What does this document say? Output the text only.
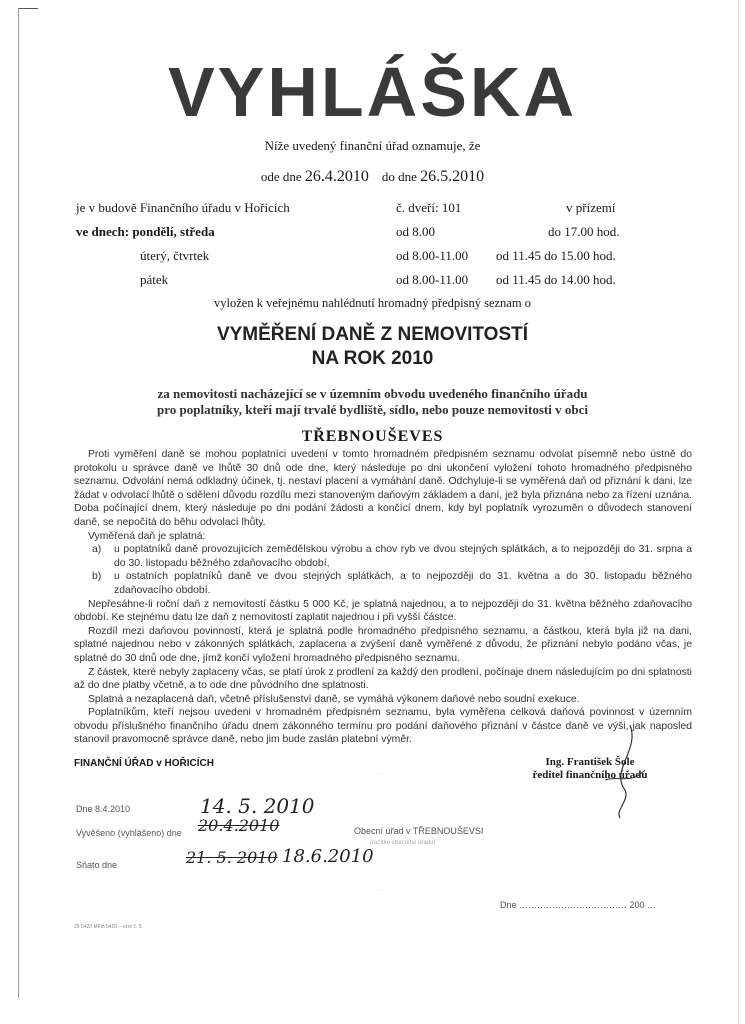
VYHLÁŠKA
Níže uvedený finanční úřad oznamuje, že
ode dne 26.4.2010 do dne 26.5.2010
je v budově Finančního úřadu v Hořicích	č. dveří: 101	v přízemí
ve dnech: pondělí, středa	od 8.00	do 17.00 hod.
úterý, čtvrtek	od 8.00-11.00 od 11.45 do 15.00 hod.
pátek	od 8.00-11.00 od 11.45 do 14.00 hod.
vyložen k veřejnému nahlédnutí hromadný předpisný seznam o
VYMĚŘENÍ DANĚ Z NEMOVITOSTÍ
NA ROK 2010
za nemovitosti nacházející se v územním obvodu uvedeného finančního úřadu
pro poplatníky, kteří mají trvalé bydliště, sídlo, nebo pouze nemovitosti v obci
TŘEBNOUŠEVES

Proti vyměření daně se mohou poplatníci uvedení v tomto hromadném předpisném seznamu odvolat písemně nebo ústně do protokolu u správce daně ve lhůtě 30 dnů ode dne, který následuje po dni ukončení vyložení tohoto hromadného předpisného seznamu. Odvolání nemá odkladný účinek, tj. nestaví placení a vymáhání daně. Odchyluje-li se vyměřená daň od přiznání k dani, lze žádat v odvolací lhůtě o sdělení důvodu rozdílu mezi stanoveným daňovým základem a daní, jež byla přiznána nebo za řízení uznána. Doba počínající dnem, který následuje po dni podání žádosti a končící dnem, kdy byl poplatník vyrozuměn o důvodech stanovení daně, se nepočítá do běhu odvolací lhůty.

Vyměřená daň je splatná:

a)	u poplatníků daně provozujících zemědělskou výrobu a chov ryb ve dvou stejných splátkách, a to nejpozději do 31. srpna a do 30. listopadu běžného zdaňovacího období,
b)	u ostatních poplatníků daně ve dvou stejných splátkách, a to nejpozději do 31. května a do 30. listopadu běžného zdaňovacího období.

Nepřesáhne-li roční daň z nemovitostí částku 5 000 Kč, je splatná najednou, a to nejpozději do 31. května běžného zdaňovacího období. Ke stejnému datu lze daň z nemovitostí zaplatit najednou i při vyšší částce.

Rozdíl mezi daňovou povinností, která je splatná podle hromadného předpisného seznamu, a částkou, která byla již na dani, splatné najednou nebo v zákonných splátkách, zaplacena a zvýšení daně vyměřené z důvodu, že přiznání nebylo podáno včas, je splatné do 30 dnů ode dne, jímž končí vyložení hromadného předpisného seznamu.

Z částek, které nebyly zaplaceny včas, se platí úrok z prodlení za každý den prodlení, počínaje dnem následujícím po dni splatnosti až do dne platby včetně, a to ode dne původního dne splatnosti.

Splatná a nezaplacená daň, včetně příslušenství daně, se vymáhá výkonem daňové nebo soudní exekuce.

Poplatníkům, kteří nejsou uvedeni v hromadném předpisném seznamu, byla vyměřena celková daňová povinnost v územním obvodu příslušného finančního úřadu dnem zákonného termínu pro podání daňového přiznání v částce daně ve výši, jak naposled stanovil pravomocně správce daně, nebo jim bude zaslán platební výměr.

FINANČNÍ ÚŘAD v HOŘICÍCH	Ing. František Šole
ředitel finančního úřadu
· · ·
· · ·
Dne 8.4.2010
Vyvěšeno (vyhlášeno) dne
14. 5. 2010
20.4.2010
Sňato dne	21. 5. 2010 18.6.2010
Obecní úřad v TŘEBNOUŠEVSI
(razítko obecního úřadu)
Dne ……………………………… 200 …
25 5420 MFin 5420 – vzor č. 5
